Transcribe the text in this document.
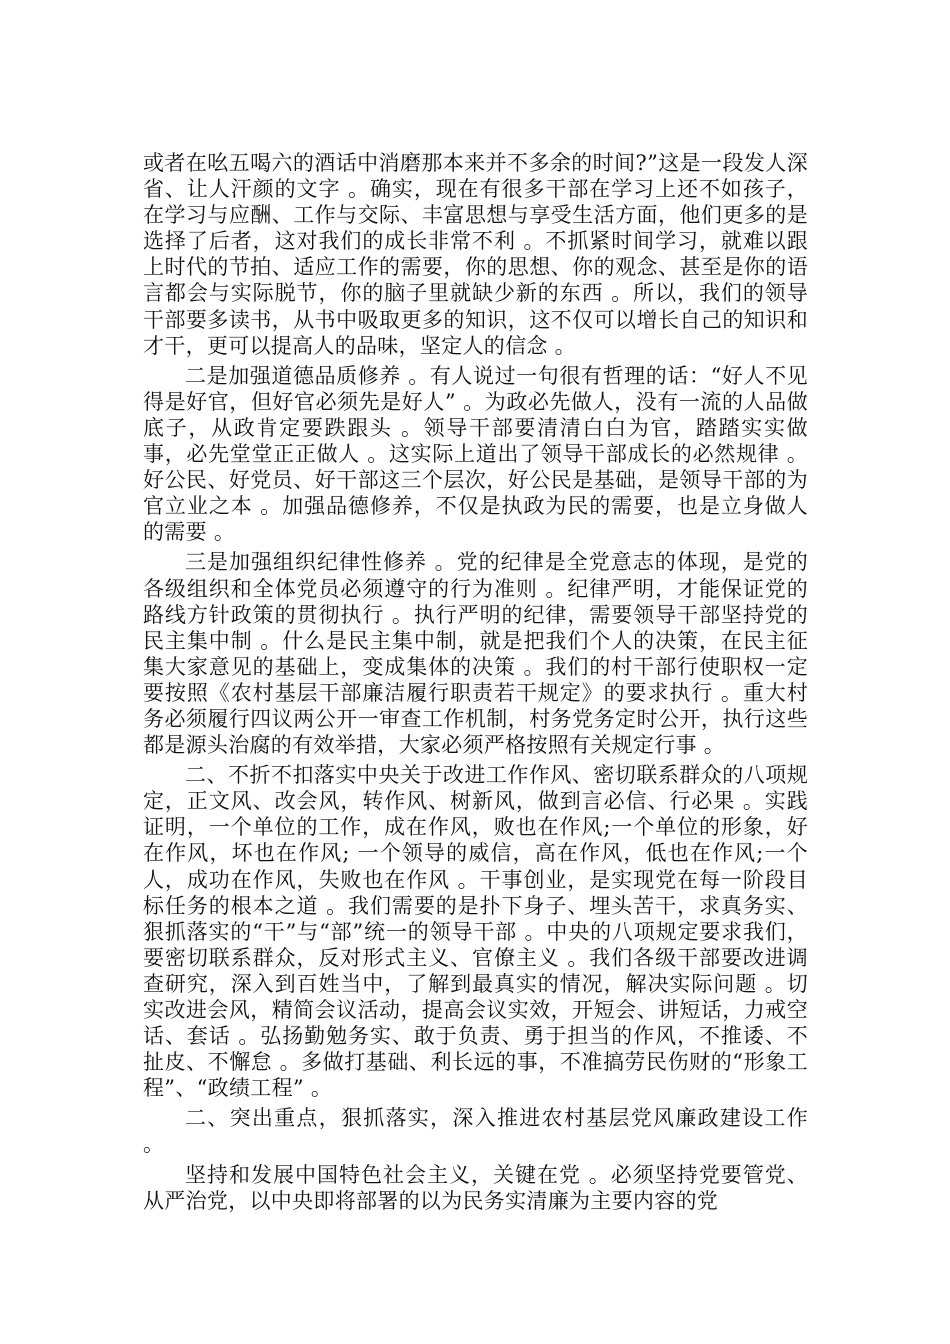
或者在吆五喝六的酒话中消磨那本来并不多余的时间?”这是一段发人深省、让人汗颜的文字 。确实，现在有很多干部在学习上还不如孩子，在学习与应酬、工作与交际、丰富思想与享受生活方面，他们更多的是选择了后者，这对我们的成长非常不利 。不抓紧时间学习，就难以跟上时代的节拍、适应工作的需要，你的思想、你的观念、甚至是你的语言都会与实际脱节，你的脑子里就缺少新的东西 。所以，我们的领导干部要多读书，从书中吸取更多的知识，这不仅可以增长自己的知识和才干，更可以提高人的品味，坚定人的信念 。

二是加强道德品质修养 。有人说过一句很有哲理的话：“好人不见得是好官，但好官必须先是好人” 。为政必先做人，没有一流的人品做底子，从政肯定要跌跟头 。领导干部要清清白白为官，踏踏实实做事，必先堂堂正正做人 。这实际上道出了领导干部成长的必然规律 。好公民、好党员、好干部这三个层次，好公民是基础，是领导干部的为官立业之本 。加强品德修养，不仅是执政为民的需要，也是立身做人的需要 。

三是加强组织纪律性修养 。党的纪律是全党意志的体现，是党的各级组织和全体党员必须遵守的行为准则 。纪律严明，才能保证党的路线方针政策的贯彻执行 。执行严明的纪律，需要领导干部坚持党的民主集中制 。什么是民主集中制，就是把我们个人的决策，在民主征集大家意见的基础上，变成集体的决策 。我们的村干部行使职权一定要按照《农村基层干部廉洁履行职责若干规定》的要求执行 。重大村务必须履行四议两公开一审查工作机制，村务党务定时公开，执行这些都是源头治腐的有效举措，大家必须严格按照有关规定行事 。

二、不折不扣落实中央关于改进工作作风、密切联系群众的八项规定，正文风、改会风，转作风、树新风，做到言必信、行必果 。实践证明，一个单位的工作，成在作风，败也在作风;一个单位的形象，好在作风，坏也在作风; 一个领导的威信，高在作风，低也在作风;一个人，成功在作风，失败也在作风 。干事创业，是实现党在每一阶段目标任务的根本之道 。我们需要的是扑下身子、埋头苦干，求真务实、狠抓落实的“干”与“部”统一的领导干部 。中央的八项规定要求我们，要密切联系群众，反对形式主义、官僚主义 。我们各级干部要改进调查研究，深入到百姓当中，了解到最真实的情况，解决实际问题 。切实改进会风，精简会议活动，提高会议实效，开短会、讲短话，力戒空话、套话 。弘扬勤勉务实、敢于负责、勇于担当的作风，不推诿、不扯皮、不懈怠 。多做打基础、利长远的事，不准搞劳民伤财的“形象工程”、“政绩工程” 。

二、突出重点，狠抓落实，深入推进农村基层党风廉政建设工作 。

坚持和发展中国特色社会主义，关键在党 。必须坚持党要管党、从严治党，以中央即将部署的以为民务实清廉为主要内容的党
